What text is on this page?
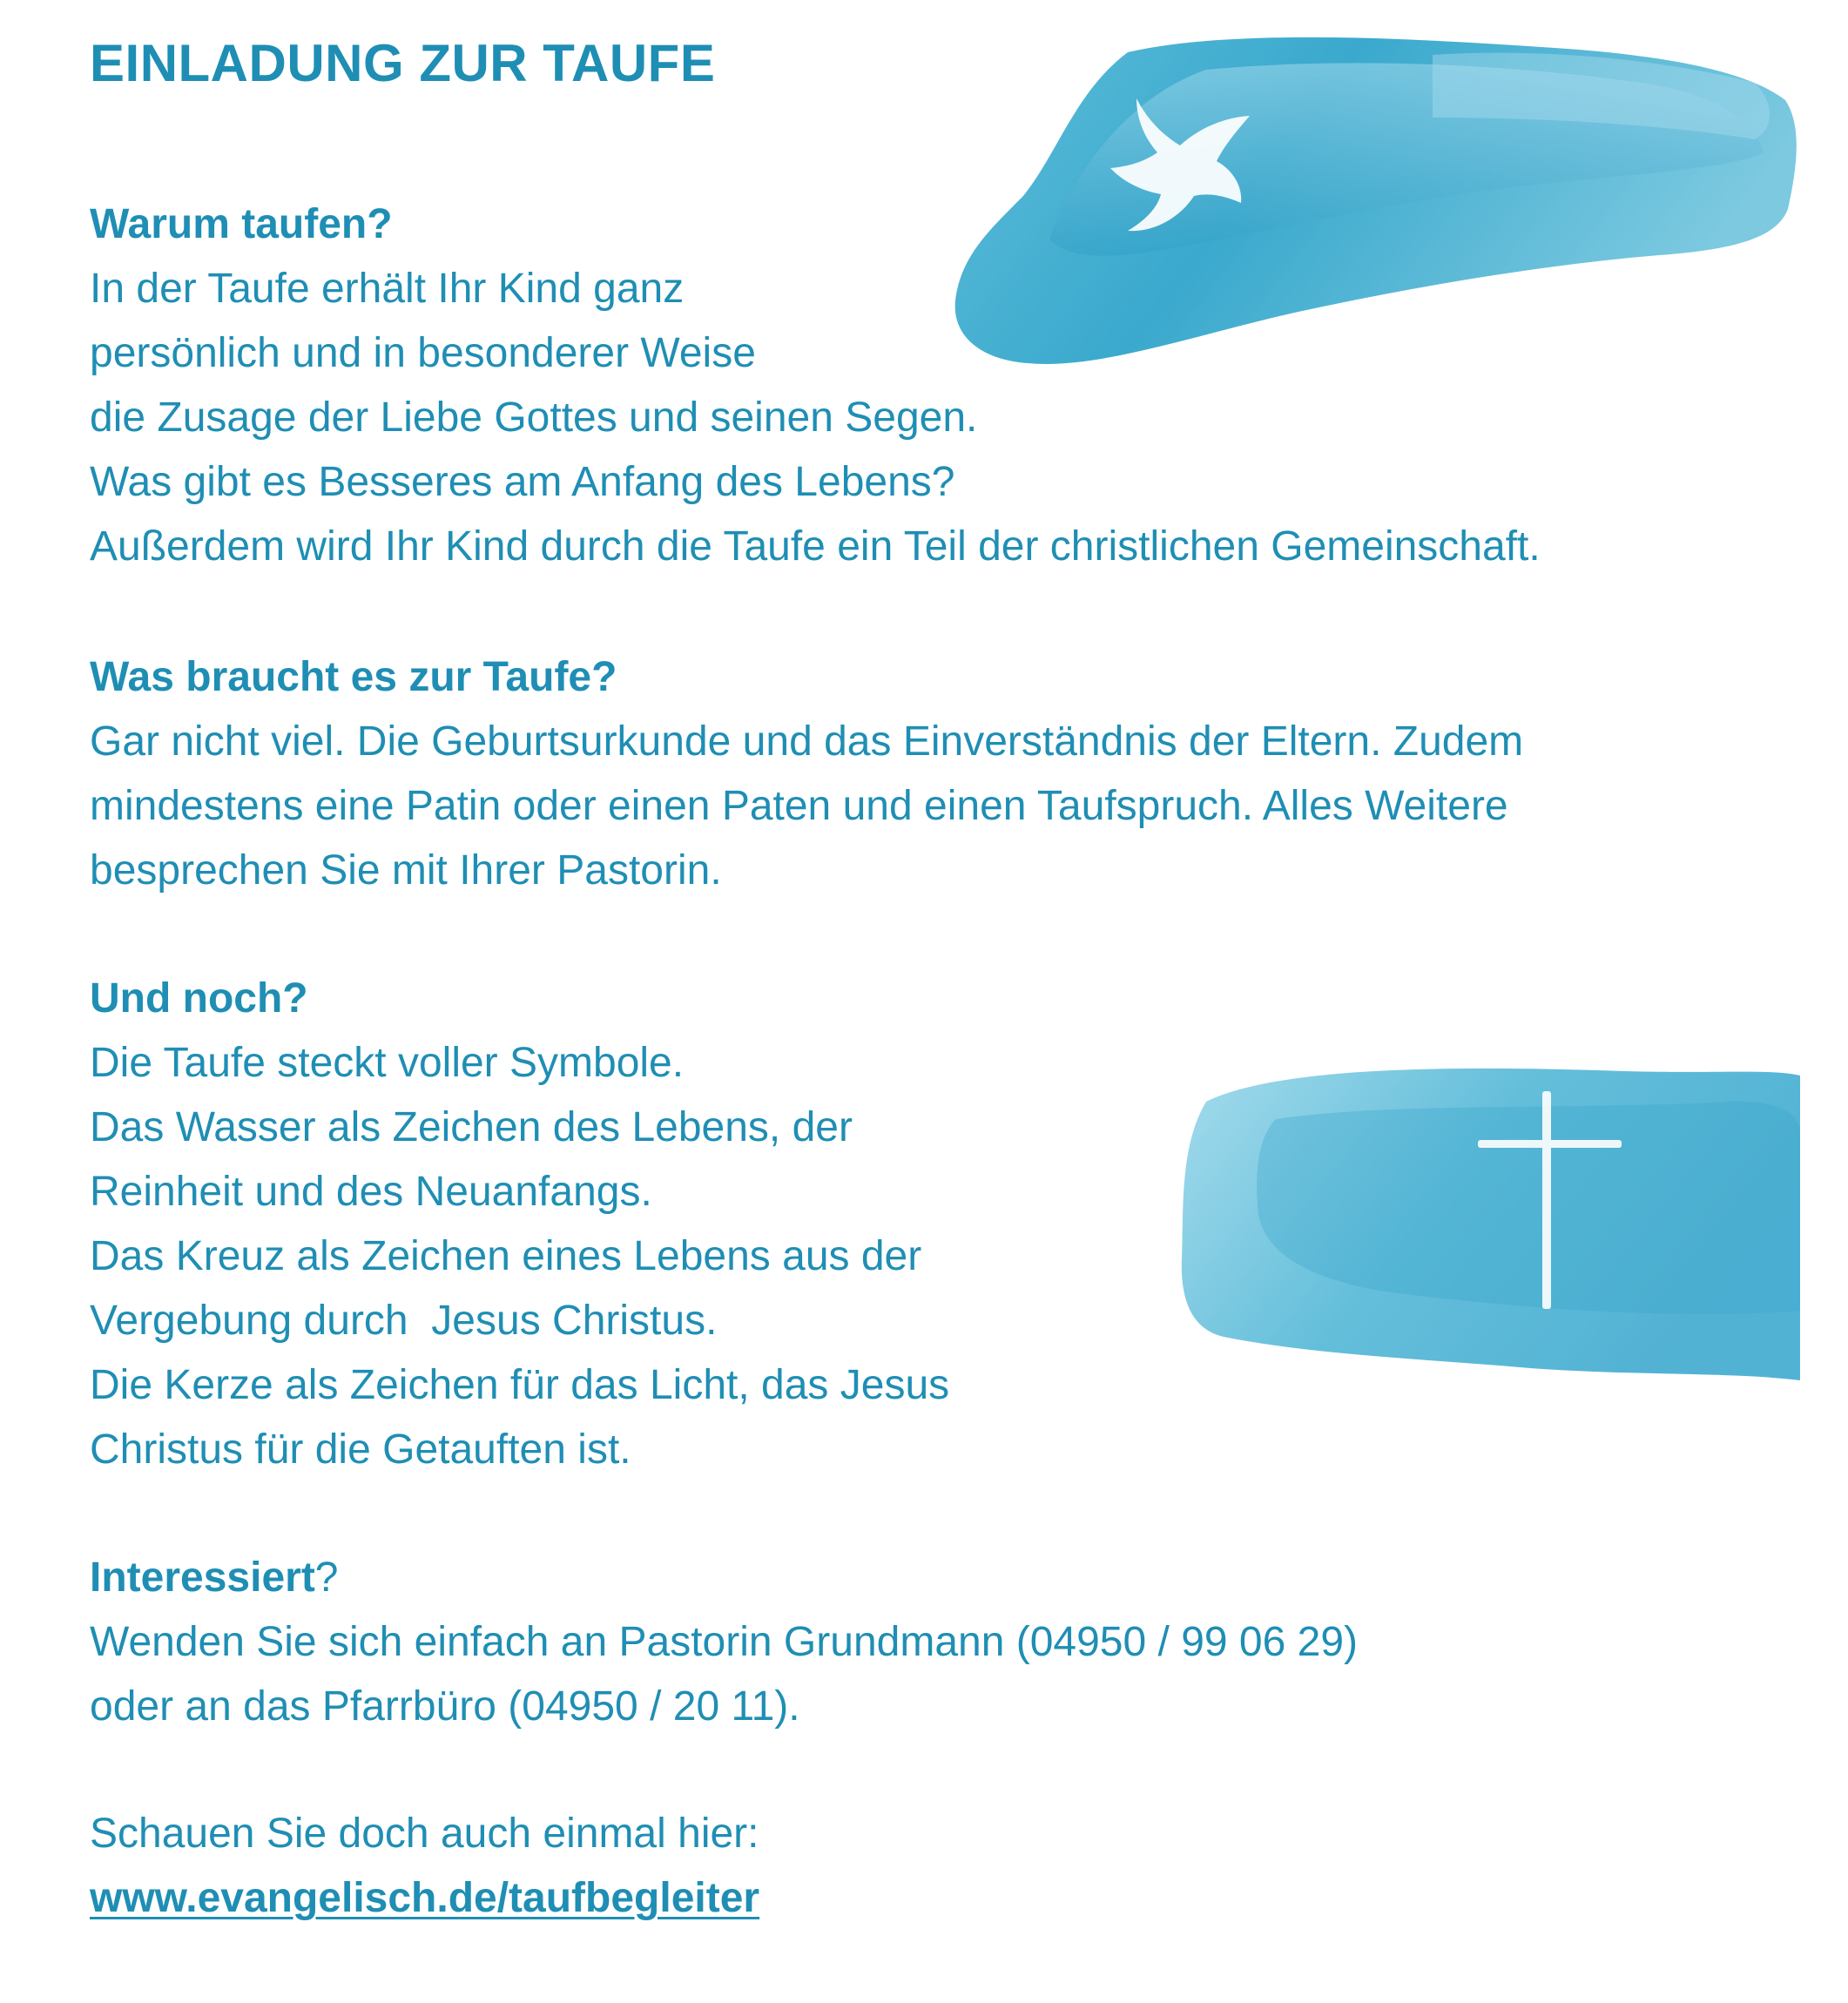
EINLADUNG ZUR TAUFE

Warum taufen?

In der Taufe erhält Ihr Kind ganz

persönlich und in besonderer Weise

die Zusage der Liebe Gottes und seinen Segen.

Was gibt es Besseres am Anfang des Lebens?

Außerdem wird Ihr Kind durch die Taufe ein Teil der christlichen Gemeinschaft.

Was braucht es zur Taufe?

Gar nicht viel. Die Geburtsurkunde und das Einverständnis der Eltern. Zudem

mindestens eine Patin oder einen Paten und einen Taufspruch. Alles Weitere

besprechen Sie mit Ihrer Pastorin.

Und noch?

Die Taufe steckt voller Symbole.

Das Wasser als Zeichen des Lebens, der

Reinheit und des Neuanfangs.

Das Kreuz als Zeichen eines Lebens aus der

Vergebung durch  Jesus Christus.

Die Kerze als Zeichen für das Licht, das Jesus

Christus für die Getauften ist.

Interessiert?

Wenden Sie sich einfach an Pastorin Grundmann (04950 / 99 06 29)

oder an das Pfarrbüro (04950 / 20 11).

Schauen Sie doch auch einmal hier:

www.evangelisch.de/taufbegleiter
